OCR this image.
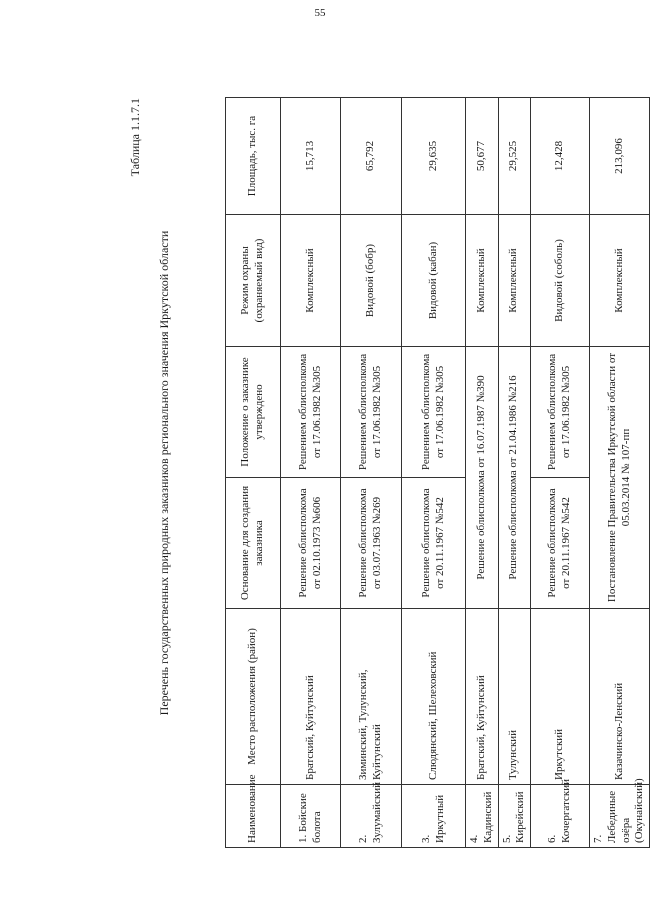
55
Таблица 1.1.7.1
Перечень государственных природных заказников регионального значения Иркутской области
Наименование	Место расположения (район)	Основание для создания заказника	Положение о заказнике утверждено	Режим охраны (охраняемый вид)	Площадь, тыс. га
1. Бойские болота	Братский, Куйтунский	Решение облисполкома от 02.10.1973 №606	Решением облисполкома от 17.06.1982 №305	Комплексный	15,713
2. Зулумайский	Зиминский, Тулунский, Куйтунский	Решение облисполкома от 03.07.1963 №269	Решением облисполкома от 17.06.1982 №305	Видовой (бобр)	65,792
3. Иркутный	Слюдянский, Шелеховский	Решение облисполкома от 20.11.1967 №542	Решением облисполкома от 17.06.1982 №305	Видовой (кабан)	29,635
4. Кадинский	Братский, Куйтунский	Решение облисполкома от 16.07.1987 №390		Комплексный	50,677
5. Кирейский	Тулунский	Решение облисполкома от 21.04.1986 №216		Комплексный	29,525
6. Кочергатский	Иркутский	Решение облисполкома от 20.11.1967 №542	Решением облисполкома от 17.06.1982 №305	Видовой (соболь)	12,428
7. Лебединые озёра (Окунайский)	Казачинско-Ленский	Постановление Правительства Иркутской области от 05.03.2014 № 107-пп		Комплексный	213,096
